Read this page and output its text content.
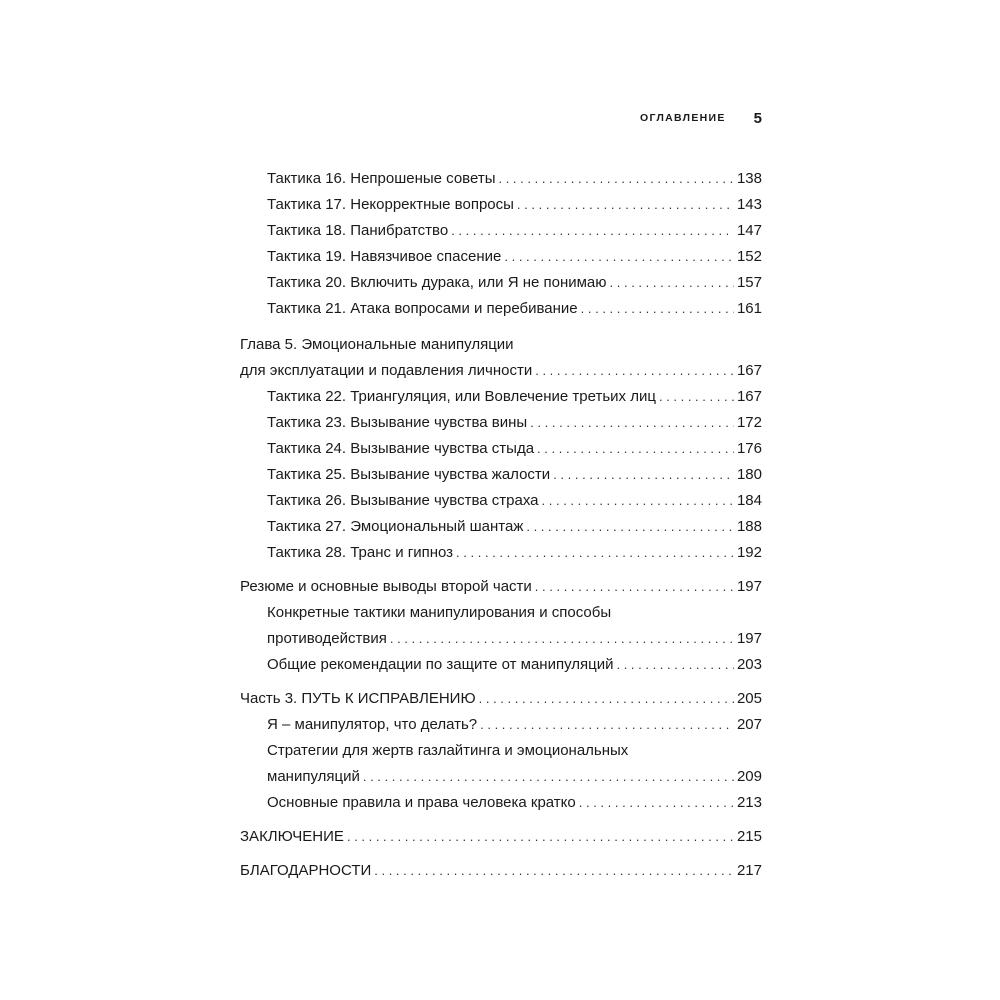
ОГЛАВЛЕНИЕ 5
Тактика 16. Непрошеные советы . . .	138
Тактика 17. Некорректные вопросы . . .	143
Тактика 18. Панибратство . . .	147
Тактика 19. Навязчивое спасение . . .	152
Тактика 20. Включить дурака, или Я не понимаю . . .	157
Тактика 21. Атака вопросами и перебивание . . .	161
Глава 5. Эмоциональные манипуляции
для эксплуатации и подавления личности . . .	167
Тактика 22. Триангуляция, или Вовлечение третьих лиц . . .	167
Тактика 23. Вызывание чувства вины . . .	172
Тактика 24. Вызывание чувства стыда . . .	176
Тактика 25. Вызывание чувства жалости . . .	180
Тактика 26. Вызывание чувства страха . . .	184
Тактика 27. Эмоциональный шантаж . . .	188
Тактика 28. Транс и гипноз . . .	192
Резюме и основные выводы второй части . . .	197
Конкретные тактики манипулирования и способы
противодействия . . .	197
Общие рекомендации по защите от манипуляций . . .	203
Часть 3. ПУТЬ К ИСПРАВЛЕНИЮ . . .	205
Я – манипулятор, что делать? . . .	207
Стратегии для жертв газлайтинга и эмоциональных
манипуляций . . .	209
Основные правила и права человека кратко . . .	213
ЗАКЛЮЧЕНИЕ . . .	215
БЛАГОДАРНОСТИ . . .	217
